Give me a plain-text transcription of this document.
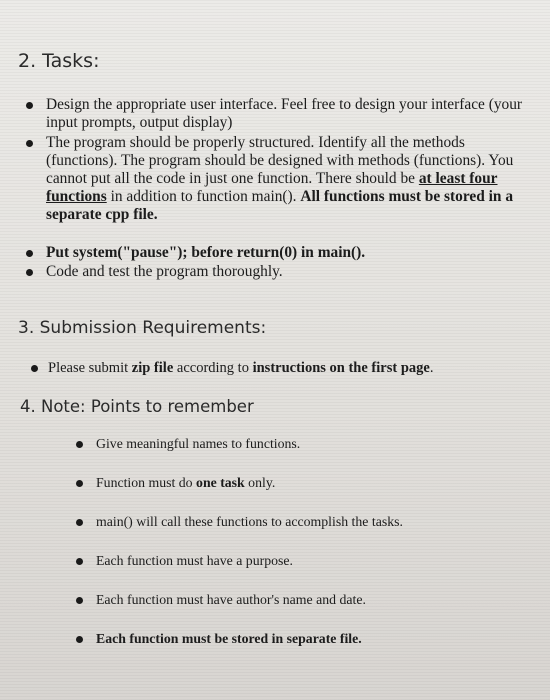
2. Tasks:
Design the appropriate user interface. Feel free to design your interface (your input prompts, output display)
The program should be properly structured. Identify all the methods (functions). The program should be designed with methods (functions). You cannot put all the code in just one function. There should be at least four functions in addition to function main(). All functions must be stored in a separate cpp file.
Put system("pause"); before return(0) in main().
Code and test the program thoroughly.
3. Submission Requirements:
Please submit zip file according to instructions on the first page.
4. Note: Points to remember
Give meaningful names to functions.
Function must do one task only.
main() will call these functions to accomplish the tasks.
Each function must have a purpose.
Each function must have author's name and date.
Each function must be stored in separate file.
